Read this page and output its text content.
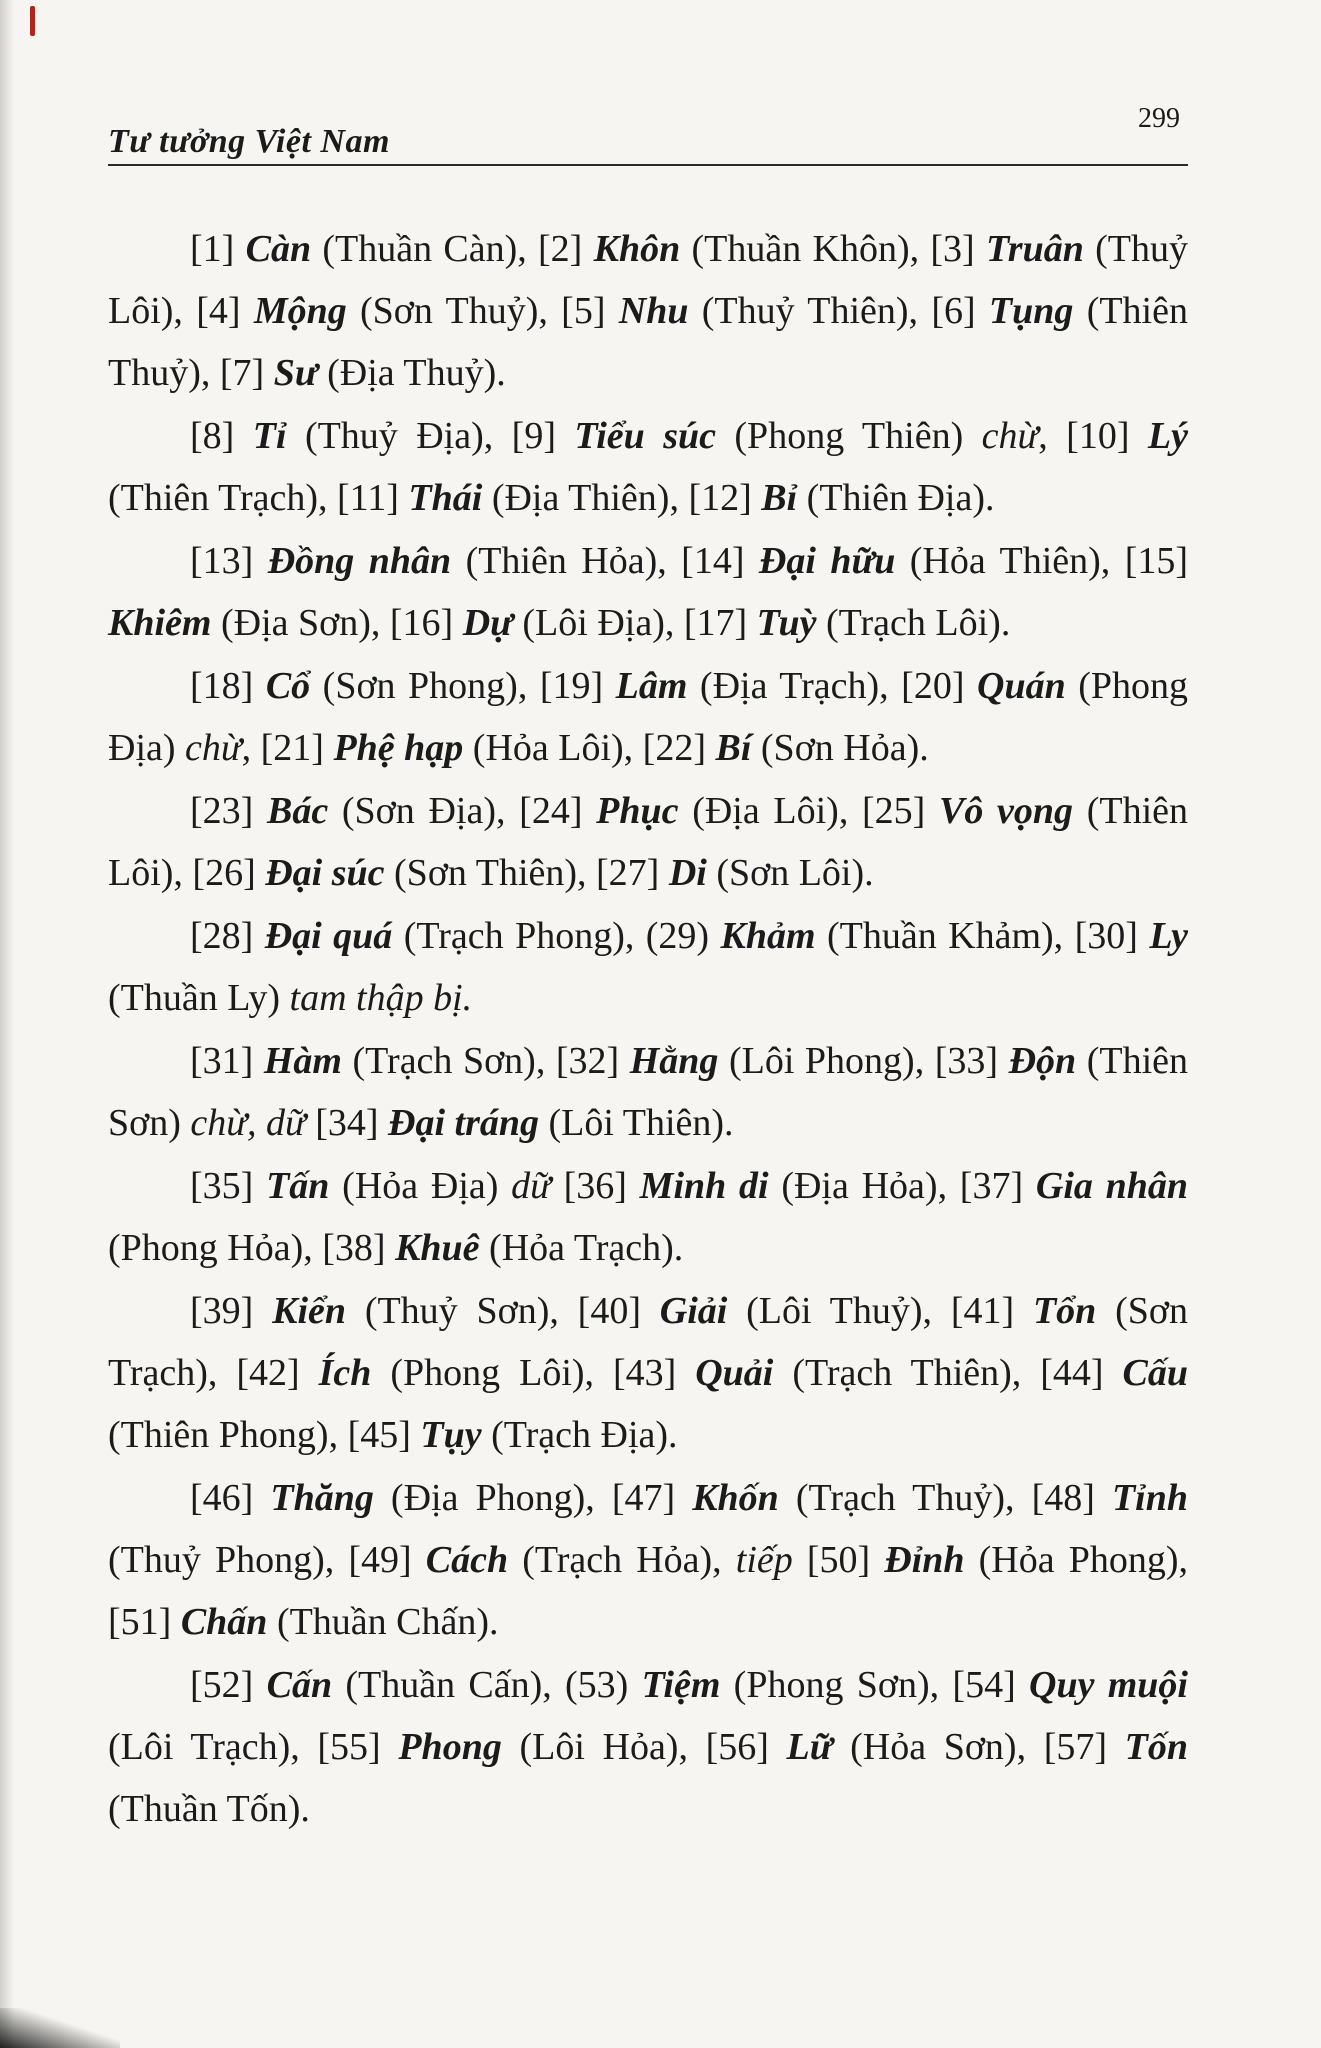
Tư tưởng Việt Nam
299

[1] Càn (Thuần Càn), [2] Khôn (Thuần Khôn), [3] Truân (Thuỷ Lôi), [4] Mộng (Sơn Thuỷ), [5] Nhu (Thuỷ Thiên), [6] Tụng (Thiên Thuỷ), [7] Sư (Địa Thuỷ).

[8] Tỉ (Thuỷ Địa), [9] Tiểu súc (Phong Thiên) chừ, [10] Lý (Thiên Trạch), [11] Thái (Địa Thiên), [12] Bỉ (Thiên Địa).

[13] Đồng nhân (Thiên Hỏa), [14] Đại hữu (Hỏa Thiên), [15] Khiêm (Địa Sơn), [16] Dự (Lôi Địa), [17] Tuỳ (Trạch Lôi).

[18] Cổ (Sơn Phong), [19] Lâm (Địa Trạch), [20] Quán (Phong Địa) chừ, [21] Phệ hạp (Hỏa Lôi), [22] Bí (Sơn Hỏa).

[23] Bác (Sơn Địa), [24] Phục (Địa Lôi), [25] Vô vọng (Thiên Lôi), [26] Đại súc (Sơn Thiên), [27] Di (Sơn Lôi).

[28] Đại quá (Trạch Phong), (29) Khảm (Thuần Khảm), [30] Ly (Thuần Ly) tam thập bị.

[31] Hàm (Trạch Sơn), [32] Hằng (Lôi Phong), [33] Độn (Thiên Sơn) chừ, dữ [34] Đại tráng (Lôi Thiên).

[35] Tấn (Hỏa Địa) dữ [36] Minh di (Địa Hỏa), [37] Gia nhân (Phong Hỏa), [38] Khuê (Hỏa Trạch).

[39] Kiển (Thuỷ Sơn), [40] Giải (Lôi Thuỷ), [41] Tổn (Sơn Trạch), [42] Ích (Phong Lôi), [43] Quải (Trạch Thiên), [44] Cấu (Thiên Phong), [45] Tụy (Trạch Địa).

[46] Thăng (Địa Phong), [47] Khốn (Trạch Thuỷ), [48] Tỉnh (Thuỷ Phong), [49] Cách (Trạch Hỏa), tiếp [50] Đỉnh (Hỏa Phong), [51] Chấn (Thuần Chấn).

[52] Cấn (Thuần Cấn), (53) Tiệm (Phong Sơn), [54] Quy muội (Lôi Trạch), [55] Phong (Lôi Hỏa), [56] Lữ (Hỏa Sơn), [57] Tốn (Thuần Tốn).
